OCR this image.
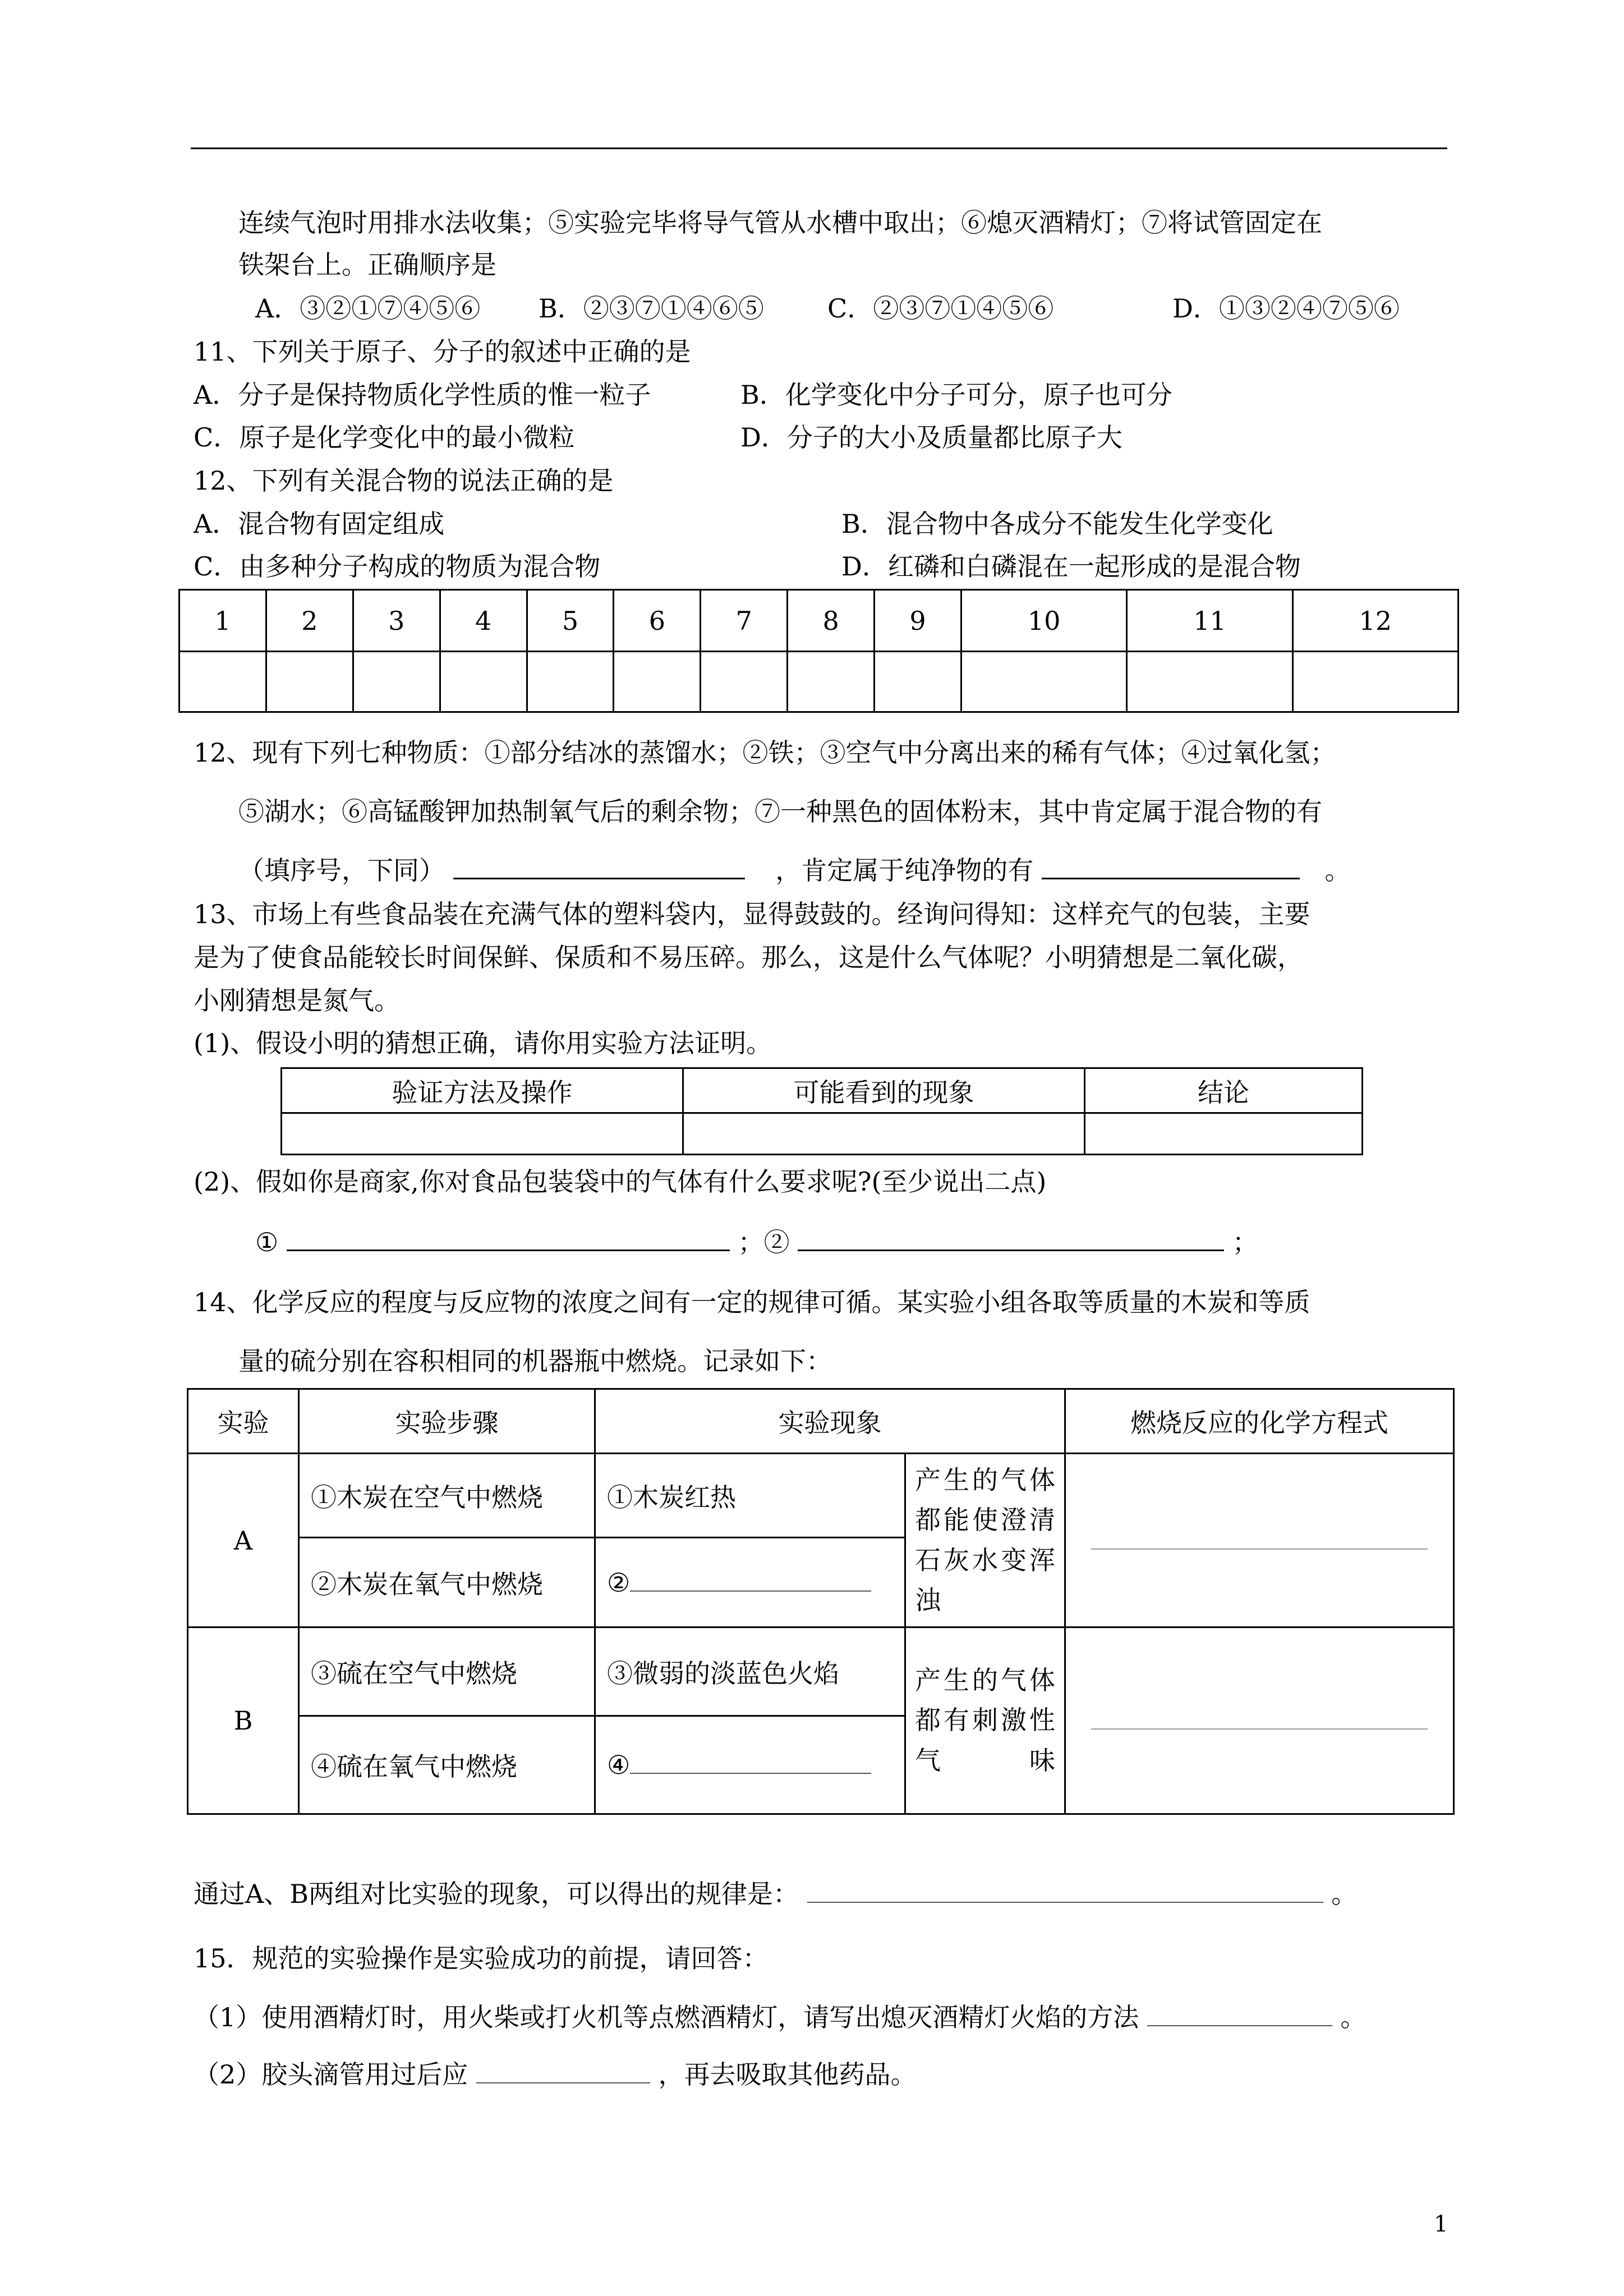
连续气泡时用排水法收集；⑤实验完毕将导气管从水槽中取出；⑥熄灭酒精灯；⑦将试管固定在
铁架台上。正确顺序是
A．③②①⑦④⑤⑥ B．②③⑦①④⑥⑤ C．②③⑦①④⑤⑥	D．①③②④⑦⑤⑥
11、下列关于原子、分子的叙述中正确的是
A．分子是保持物质化学性质的惟一粒子	B．化学变化中分子可分，原子也可分
C．原子是化学变化中的最小微粒	D．分子的大小及质量都比原子大
12、下列有关混合物的说法正确的是
A．混合物有固定组成	B．混合物中各成分不能发生化学变化
C．由多种分子构成的物质为混合物	D．红磷和白磷混在一起形成的是混合物
1	2	3	4	5	6	7	8	9	10	11	12

12、现有下列七种物质：①部分结冰的蒸馏水；②铁；③空气中分离出来的稀有气体；④过氧化氢；
⑤湖水；⑥高锰酸钾加热制氧气后的剩余物；⑦一种黑色的固体粉末，其中肯定属于混合物的有
（填序号，下同）	，肯定属于纯净物的有	。
13、市场上有些食品装在充满气体的塑料袋内，显得鼓鼓的。经询问得知：这样充气的包装，主要
是为了使食品能较长时间保鲜、保质和不易压碎。那么，这是什么气体呢？小明猜想是二氧化碳，
小刚猜想是氮气。
(1)、假设小明的猜想正确，请你用实验方法证明。
验证方法及操作	可能看到的现象	结论

(2)、假如你是商家,你对食品包装袋中的气体有什么要求呢?(至少说出二点)
①	；②	；
14、化学反应的程度与反应物的浓度之间有一定的规律可循。某实验小组各取等质量的木炭和等质
量的硫分别在容积相同的机器瓶中燃烧。记录如下：
实验	实验步骤	实验现象		燃烧反应的化学方程式
A	①木炭在空气中燃烧	①木炭红热	产生的气体都能使澄清石灰水变浑浊	
	②木炭在氧气中燃烧	②		
B	③硫在空气中燃烧	③微弱的淡蓝色火焰	产生的气体都有刺激性气味	
	④硫在氧气中燃烧	④		
通过A、B两组对比实验的现象，可以得出的规律是：	。
15．规范的实验操作是实验成功的前提，请回答：
（1）使用酒精灯时，用火柴或打火机等点燃酒精灯，请写出熄灭酒精灯火焰的方法	。
（2）胶头滴管用过后应	，再去吸取其他药品。
1
